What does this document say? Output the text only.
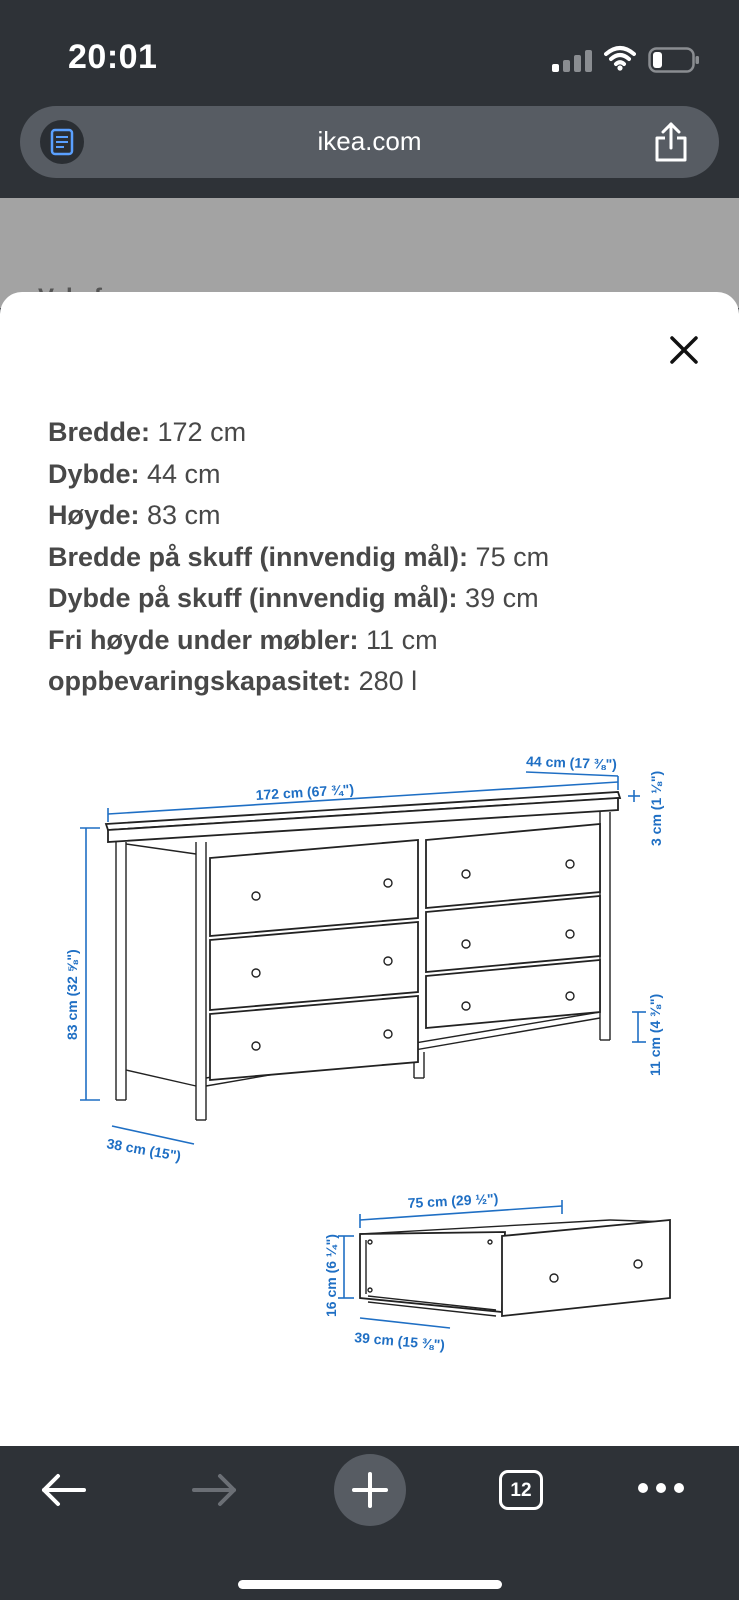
20:01
ikea.com
Bredde: 172 cm
Dybde: 44 cm
Høyde: 83 cm
Bredde på skuff (innvendig mål): 75 cm
Dybde på skuff (innvendig mål): 39 cm
Fri høyde under møbler: 11 cm
oppbevaringskapasitet: 280 l
172 cm (67 ¾")
44 cm (17 ⅜")
3 cm (1 ⅛")
83 cm (32 ⅝")	11 cm (4 ⅜")
38 cm (15")
75 cm (29 ½")
16 cm (6 ¼")
39 cm (15 ⅜")
12
